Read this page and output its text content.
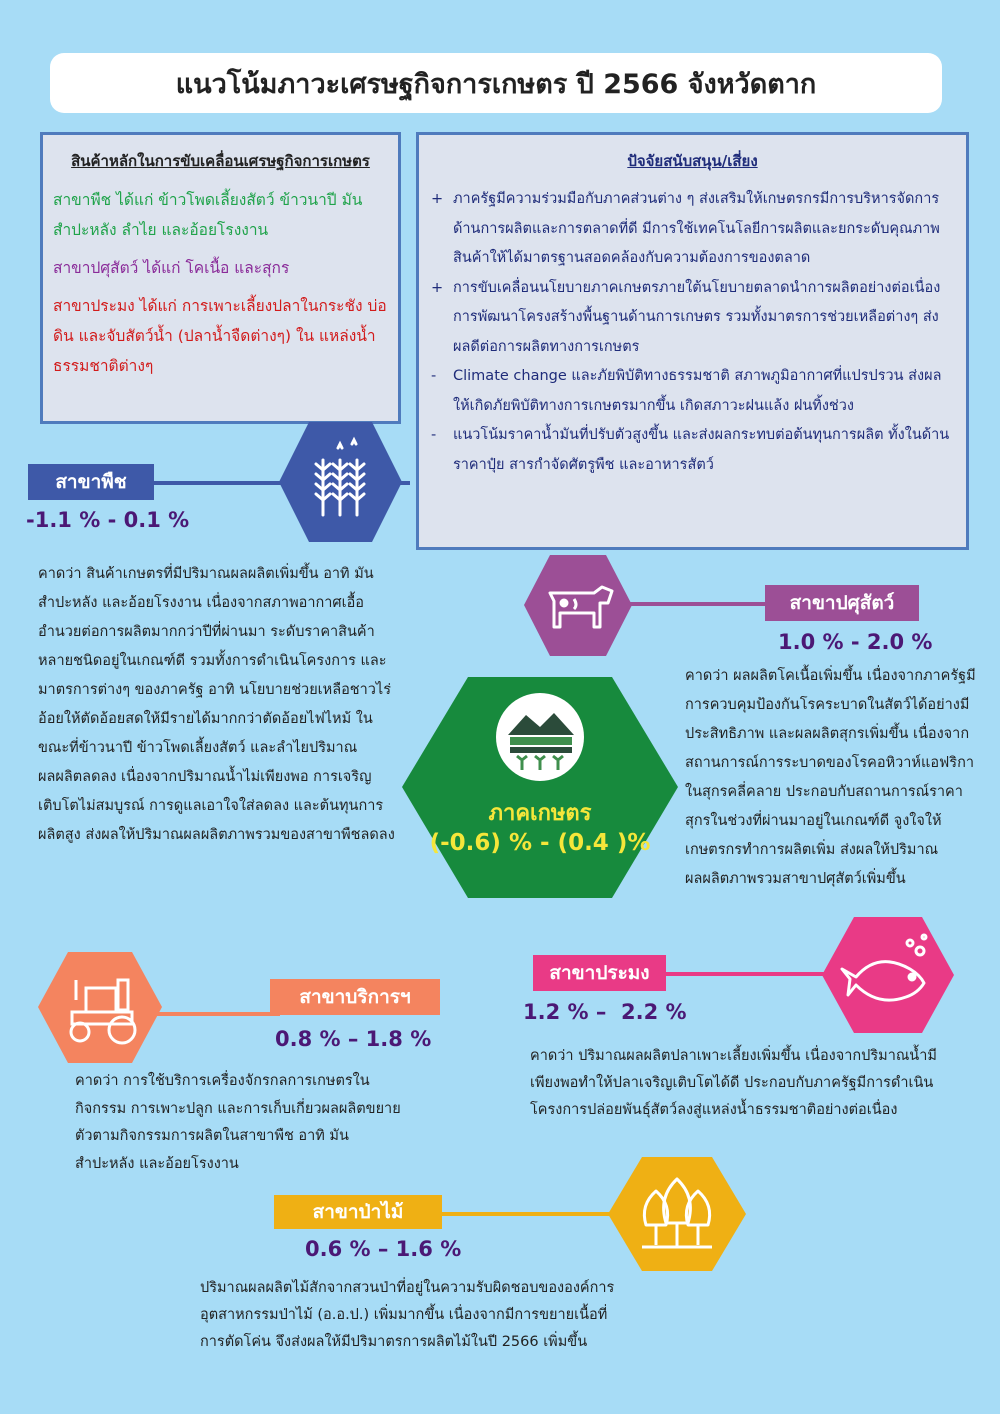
แนวโน้มภาวะเศรษฐกิจการเกษตร ปี 2566 จังหวัดตาก
สินค้าหลักในการขับเคลื่อนเศรษฐกิจการเกษตร
สาขาพืช ได้แก่ ข้าวโพดเลี้ยงสัตว์ ข้าวนาปี มันสำปะหลัง ลำไย และอ้อยโรงงาน
สาขาปศุสัตว์ ได้แก่ โคเนื้อ และสุกร
สาขาประมง ได้แก่ การเพาะเลี้ยงปลาในกระชัง บ่อดิน และจับสัตว์น้ำ (ปลาน้ำจืดต่างๆ) ใน แหล่งน้ำธรรมชาติต่างๆ
ปัจจัยสนับสนุน/เสี่ยง
+ ภาครัฐมีความร่วมมือกับภาคส่วนต่าง ๆ ส่งเสริมให้เกษตรกรมีการบริหารจัดการด้านการผลิตและการตลาดที่ดี มีการใช้เทคโนโลยีการผลิตและยกระดับคุณภาพสินค้าให้ได้มาตรฐานสอดคล้องกับความต้องการของตลาด
+ การขับเคลื่อนนโยบายภาคเกษตรภายใต้นโยบายตลาดนำการผลิตอย่างต่อเนื่อง การพัฒนาโครงสร้างพื้นฐานด้านการเกษตร รวมทั้งมาตรการช่วยเหลือต่างๆ ส่งผลดีต่อการผลิตทางการเกษตร
-	Climate change และภัยพิบัติทางธรรมชาติ สภาพภูมิอากาศที่แปรปรวน ส่งผลให้เกิดภัยพิบัติทางการเกษตรมากขึ้น เกิดสภาวะฝนแล้ง ฝนทิ้งช่วง
-	แนวโน้มราคาน้ำมันที่ปรับตัวสูงขึ้น และส่งผลกระทบต่อต้นทุนการผลิต ทั้งในด้านราคาปุ๋ย สารกำจัดศัตรูพืช และอาหารสัตว์
สาขาพืช
-1.1 % - 0.1 %
คาดว่า สินค้าเกษตรที่มีปริมาณผลผลิตเพิ่มขึ้น อาทิ มันสำปะหลัง และอ้อยโรงงาน เนื่องจากสภาพอากาศเอื้ออำนวยต่อการผลิตมากกว่าปีที่ผ่านมา ระดับราคาสินค้าหลายชนิดอยู่ในเกณฑ์ดี รวมทั้งการดำเนินโครงการ และมาตรการต่างๆ ของภาครัฐ อาทิ นโยบายช่วยเหลือชาวไร่อ้อยให้ตัดอ้อยสดให้มีรายได้มากกว่าตัดอ้อยไฟไหม้ ในขณะที่ข้าวนาปี ข้าวโพดเลี้ยงสัตว์ และลำไยปริมาณผลผลิตลดลง เนื่องจากปริมาณน้ำไม่เพียงพอ การเจริญเติบโตไม่สมบูรณ์ การดูแลเอาใจใส่ลดลง และต้นทุนการผลิตสูง ส่งผลให้ปริมาณผลผลิตภาพรวมของสาขาพืชลดลง
สาขาปศุสัตว์
1.0 % - 2.0 %
คาดว่า ผลผลิตโคเนื้อเพิ่มขึ้น เนื่องจากภาครัฐมีการควบคุมป้องกันโรคระบาดในสัตว์ได้อย่างมีประสิทธิภาพ และผลผลิตสุกรเพิ่มขึ้น เนื่องจากสถานการณ์การระบาดของโรคอหิวาห์แอฟริกาในสุกรคลี่คลาย ประกอบกับสถานการณ์ราคาสุกรในช่วงที่ผ่านมาอยู่ในเกณฑ์ดี จูงใจให้เกษตรกรทำการผลิตเพิ่ม ส่งผลให้ปริมาณผลผลิตภาพรวมสาขาปศุสัตว์เพิ่มขึ้น
ภาคเกษตร
(-0.6) % - (0.4 )%
สาขาบริการฯ
0.8 % – 1.8 %
คาดว่า การใช้บริการเครื่องจักรกลการเกษตรในกิจกรรม การเพาะปลูก และการเก็บเกี่ยวผลผลิตขยายตัวตามกิจกรรมการผลิตในสาขาพืช อาทิ มันสำปะหลัง และอ้อยโรงงาน
สาขาประมง
1.2 % –  2.2 %
คาดว่า ปริมาณผลผลิตปลาเพาะเลี้ยงเพิ่มขึ้น เนื่องจากปริมาณน้ำมีเพียงพอทำให้ปลาเจริญเติบโตได้ดี ประกอบกับภาครัฐมีการดำเนินโครงการปล่อยพันธุ์สัตว์ลงสู่แหล่งน้ำธรรมชาติอย่างต่อเนื่อง
สาขาป่าไม้
0.6 % – 1.6 %
ปริมาณผลผลิตไม้สักจากสวนป่าที่อยู่ในความรับผิดชอบขององค์การอุตสาหกรรมป่าไม้ (อ.อ.ป.) เพิ่มมากขึ้น เนื่องจากมีการขยายเนื้อที่การตัดโค่น จึงส่งผลให้มีปริมาตรการผลิตไม้ในปี 2566 เพิ่มขึ้น
